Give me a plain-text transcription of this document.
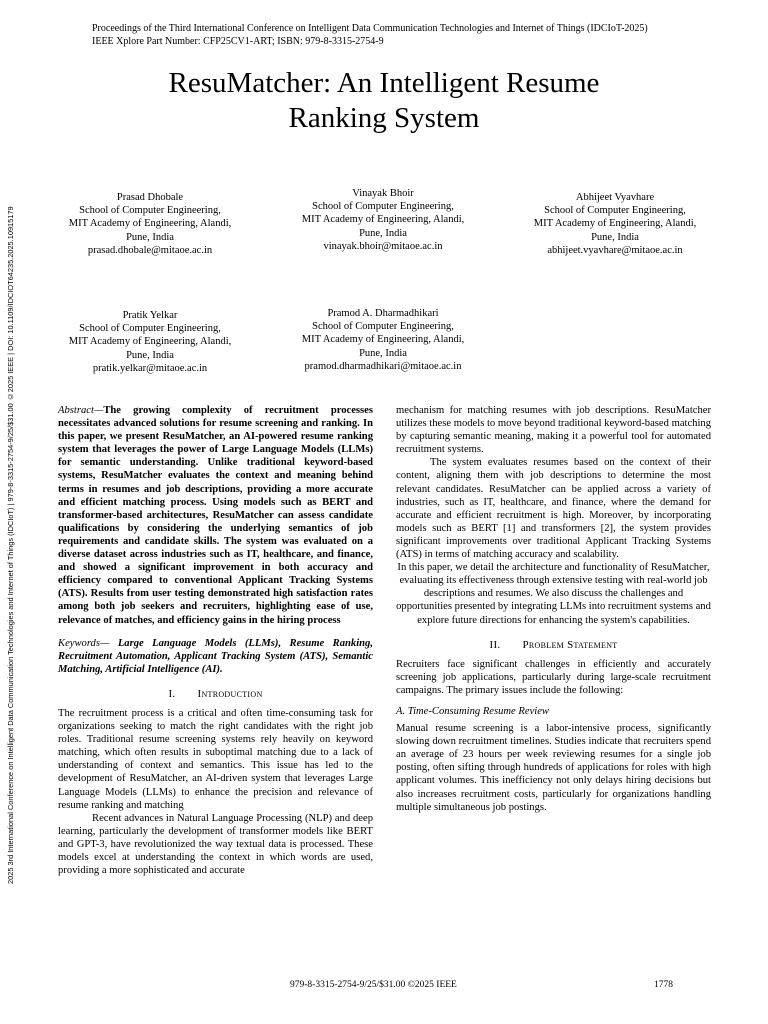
Proceedings of the Third International Conference on Intelligent Data Communication Technologies and Internet of Things (IDCIoT-2025)
IEEE Xplore Part Number: CFP25CV1-ART; ISBN: 979-8-3315-2754-9
ResuMatcher: An Intelligent Resume
Ranking System
Prasad Dhobale
School of Computer Engineering,
MIT Academy of Engineering, Alandi,
Pune, India
prasad.dhobale@mitaoe.ac.in
Vinayak Bhoir
School of Computer Engineering,
MIT Academy of Engineering, Alandi,
Pune, India
vinayak.bhoir@mitaoe.ac.in
Abhijeet Vyavhare
School of Computer Engineering,
MIT Academy of Engineering, Alandi,
Pune, India
abhijeet.vyavhare@mitaoe.ac.in
Pratik Yelkar
School of Computer Engineering,
MIT Academy of Engineering, Alandi,
Pune, India
pratik.yelkar@mitaoe.ac.in
Pramod A. Dharmadhikari
School of Computer Engineering,
MIT Academy of Engineering, Alandi,
Pune, India
pramod.dharmadhikari@mitaoe.ac.in
2025 3rd International Conference on Intelligent Data Communication Technologies and Internet of Things (IDCIoT) | 979-8-3315-2754-9/25/$31.00 ©2025 IEEE | DOI: 10.1109/IDCIOT64235.2025.10915179	Abstract—The growing complexity of recruitment processes necessitates advanced solutions for resume screening and ranking. In this paper, we present ResuMatcher, an AI-powered resume ranking system that leverages the power of Large Language Models (LLMs) for semantic understanding. Unlike traditional keyword-based systems, ResuMatcher evaluates the context and meaning behind terms in resumes and job descriptions, providing a more accurate and efficient matching process. Using models such as BERT and transformer-based architectures, ResuMatcher can assess candidate qualifications by considering the underlying semantics of job requirements and candidate skills. The system was evaluated on a diverse dataset across industries such as IT, healthcare, and finance, and showed a significant improvement in both accuracy and efficiency compared to conventional Applicant Tracking Systems (ATS). Results from user testing demonstrated high satisfaction rates among both job seekers and recruiters, highlighting ease of use, relevance of matches, and efficiency gains in the hiring process

Keywords— Large Language Models (LLMs), Resume Ranking, Recruitment Automation, Applicant Tracking System (ATS), Semantic Matching, Artificial Intelligence (AI).

I. Introduction

The recruitment process is a critical and often time-consuming task for organizations seeking to match the right candidates with the right job roles. Traditional resume screening systems rely heavily on keyword matching, which often results in suboptimal matching due to a lack of understanding of context and semantics. This issue has led to the development of ResuMatcher, an AI-driven system that leverages Large Language Models (LLMs) to enhance the precision and relevance of resume ranking and matching

Recent advances in Natural Language Processing (NLP) and deep learning, particularly the development of transformer models like BERT and GPT-3, have revolutionized the way textual data is processed. These models excel at understanding the context in which words are used, providing a more sophisticated and accurate

mechanism for matching resumes with job descriptions. ResuMatcher utilizes these models to move beyond traditional keyword-based matching by capturing semantic meaning, making it a powerful tool for automated recruitment systems.

The system evaluates resumes based on the context of their content, aligning them with job descriptions to determine the most relevant candidates. ResuMatcher can be applied across a variety of industries, such as IT, healthcare, and finance, where the demand for accurate and efficient recruitment is high. Moreover, by incorporating models such as BERT [1] and transformers [2], the system provides significant improvements over traditional Applicant Tracking Systems (ATS) in terms of matching accuracy and scalability.

In this paper, we detail the architecture and functionality of ResuMatcher, evaluating its effectiveness through extensive testing with real-world job descriptions and resumes. We also discuss the challenges and opportunities presented by integrating LLMs into recruitment systems and explore future directions for enhancing the system's capabilities.

II. Problem Statement

Recruiters face significant challenges in efficiently and accurately screening job applications, particularly during large-scale recruitment campaigns. The primary issues include the following:

A. Time-Consuming Resume Review

Manual resume screening is a labor-intensive process, significantly slowing down recruitment timelines. Studies indicate that recruiters spend an average of 23 hours per week reviewing resumes for a single job posting, often sifting through hundreds of applications for roles with high applicant volumes. This inefficiency not only delays hiring decisions but also increases recruitment costs, particularly for organizations handling multiple simultaneous job postings.

979-8-3315-2754-9/25/$31.00 ©2025 IEEE	1778
